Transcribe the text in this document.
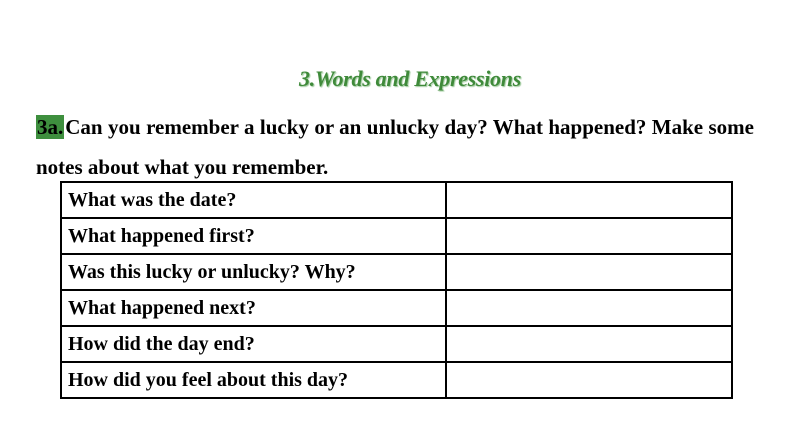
3.Words and Expressions
3a.Can you remember a lucky or an unlucky day? What happened? Make some notes about what you remember.
What was the date?	
What happened first?	
Was this lucky or unlucky? Why?	
What happened next?	
How did the day end?	
How did you feel about this day?	
